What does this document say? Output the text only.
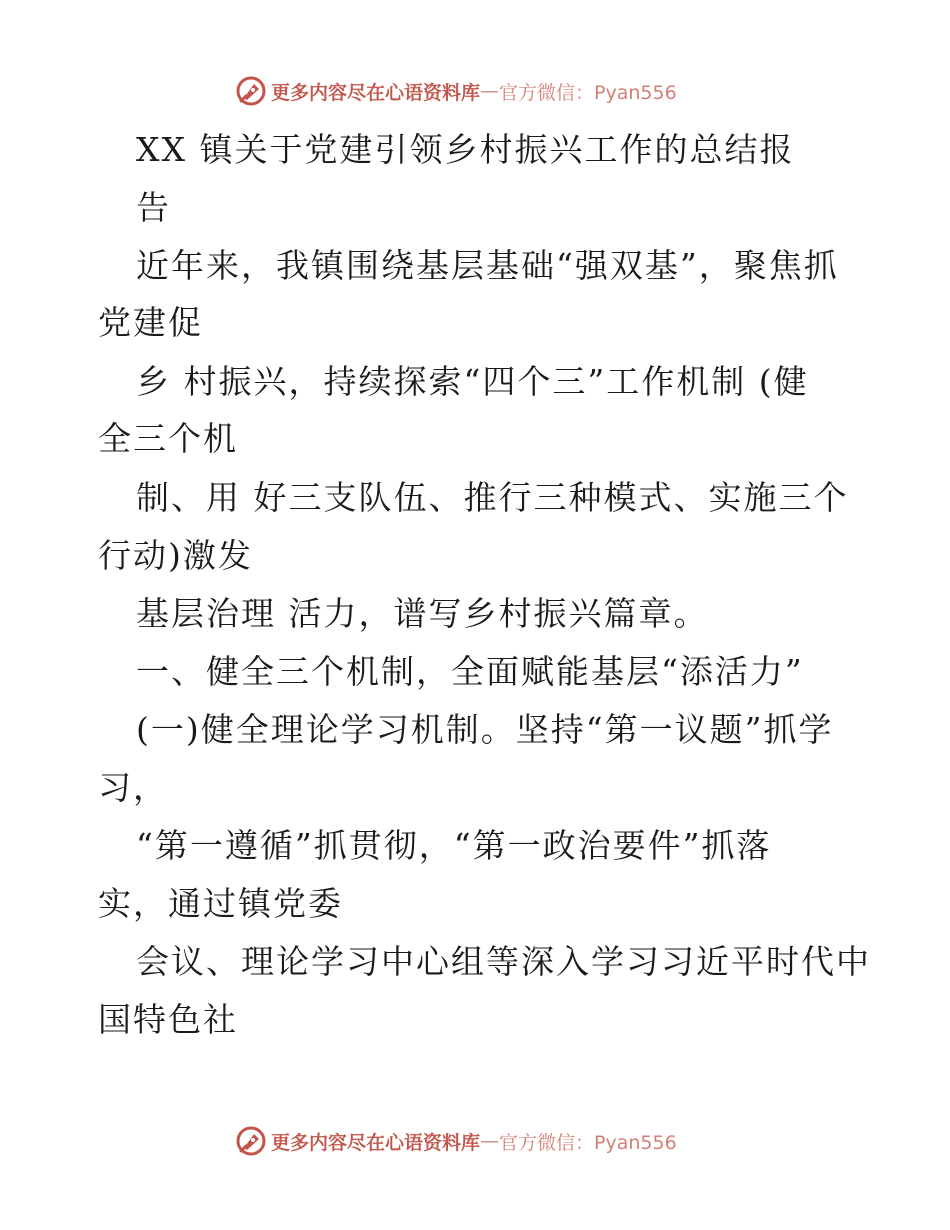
更多内容尽在心语资料库 — 官方微信：Pyan556
XX 镇关于党建引领乡村振兴工作的总结报
告
近年来，我镇围绕基层基础“强双基”，聚焦抓
党建促
乡 村振兴，持续探索“四个三”工作机制 (健
全三个机
制、用 好三支队伍、推行三种模式、实施三个
行动)激发
基层治理 活力，谱写乡村振兴篇章。
一、健全三个机制，全面赋能基层“添活力”
(一)健全理论学习机制。坚持“第一议题”抓学
习，
“第一遵循”抓贯彻，“第一政治要件”抓落
实，通过镇党委
会议、理论学习中心组等深入学习习近平时代中
国特色社
更多内容尽在心语资料库 — 官方微信：Pyan556
